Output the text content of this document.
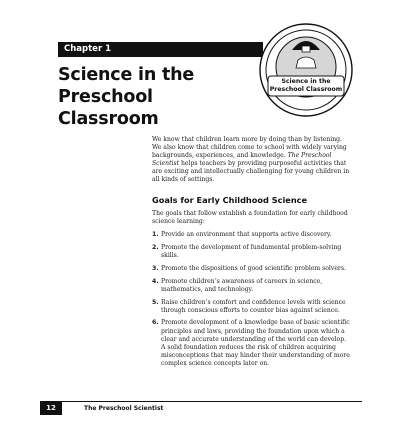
Chapter 1
Science in the
Preschool Classroom
Science in the
Preschool Classroom

We know that children learn more by doing than by listening. We also know that children come to school with widely varying backgrounds, experiences, and knowledge. The Preschool Scientist helps teachers by providing purposeful activities that are exciting and intellectually challenging for young children in all kinds of settings.

Goals for Early Childhood Science

The goals that follow establish a foundation for early childhood science learning:

1. Provide an environment that supports active discovery.
2. Promote the development of fundamental problem-solving skills.
3. Promote the dispositions of good scientific problem solvers.
4. Promote children’s awareness of careers in science, mathematics, and technology.
5. Raise children’s comfort and confidence levels with science through conscious efforts to counter bias against science.
6. Promote development of a knowledge base of basic scientific principles and laws, providing the foundation upon which a clear and accurate understanding of the world can develop. A solid foundation reduces the risk of children acquiring misconceptions that may hinder their understanding of more complex science concepts later on.
12	The Preschool Scientist
